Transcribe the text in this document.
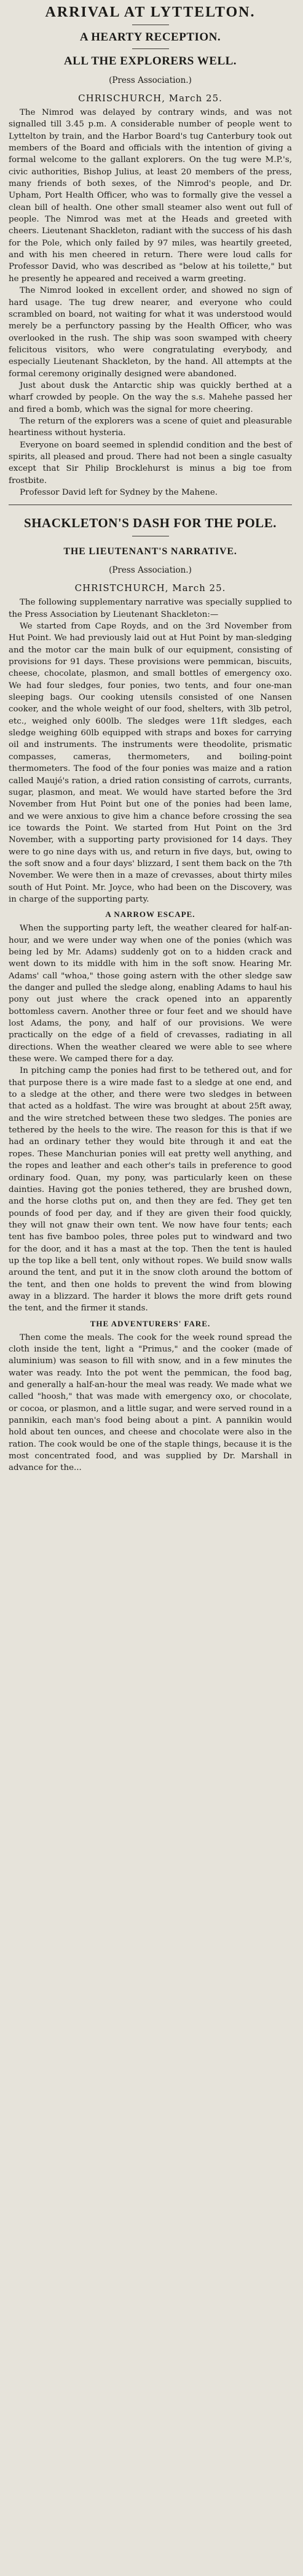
ARRIVAL AT LYTTELTON.
A HEARTY RECEPTION.
ALL THE EXPLORERS WELL.
(Press Association.)
CHRISCHURCH, March 25.

The Nimrod was delayed by contrary winds, and was not signalled till 3.45 p.m. A considerable number of people went to Lyttelton by train, and the Harbor Board's tug Canterbury took out members of the Board and officials with the intention of giving a formal welcome to the gallant explorers. On the tug were M.P.'s, civic authorities, Bishop Julius, at least 20 members of the press, many friends of both sexes, of the Nimrod's people, and Dr. Upham, Port Health Officer, who was to formally give the vessel a clean bill of health. One other small steamer also went out full of people. The Nimrod was met at the Heads and greeted with cheers. Lieutenant Shackleton, radiant with the success of his dash for the Pole, which only failed by 97 miles, was heartily greeted, and with his men cheered in return. There were loud calls for Professor David, who was described as "below at his toilette," but he presently he appeared and received a warm greeting.

The Nimrod looked in excellent order, and showed no sign of hard usage. The tug drew nearer, and everyone who could scrambled on board, not waiting for what it was understood would merely be a perfunctory passing by the Health Officer, who was overlooked in the rush. The ship was soon swamped with cheery felicitous visitors, who were congratulating everybody, and especially Lieutenant Shackleton, by the hand. All attempts at the formal ceremony originally designed were abandoned.

Just about dusk the Antarctic ship was quickly berthed at a wharf crowded by people. On the way the s.s. Mahehe passed her and fired a bomb, which was the signal for more cheering.

The return of the explorers was a scene of quiet and pleasurable heartiness without hysteria.

Everyone on board seemed in splendid condition and the best of spirits, all pleased and proud. There had not been a single casualty except that Sir Philip Brocklehurst is minus a big toe from frostbite.

Professor David left for Sydney by the Mahene.

SHACKLETON'S DASH FOR THE POLE.
THE LIEUTENANT'S NARRATIVE.
(Press Association.)
CHRISTCHURCH, March 25.

The following supplementary narrative was specially supplied to the Press Association by Lieutenant Shackleton:—

We started from Cape Royds, and on the 3rd November from Hut Point. We had previously laid out at Hut Point by man-sledging and the motor car the main bulk of our equipment, consisting of provisions for 91 days. These provisions were pemmican, biscuits, cheese, chocolate, plasmon, and small bottles of emergency oxo. We had four sledges, four ponies, two tents, and four one-man sleeping bags. Our cooking utensils consisted of one Nansen cooker, and the whole weight of our food, shelters, with 3lb petrol, etc., weighed only 600lb. The sledges were 11ft sledges, each sledge weighing 60lb equipped with straps and boxes for carrying oil and instruments. The instruments were theodolite, prismatic compasses, cameras, thermometers, and boiling-point thermometers. The food of the four ponies was maize and a ration called Maujé's ration, a dried ration consisting of carrots, currants, sugar, plasmon, and meat. We would have started before the 3rd November from Hut Point but one of the ponies had been lame, and we were anxious to give him a chance before crossing the sea ice towards the Point. We started from Hut Point on the 3rd November, with a supporting party provisioned for 14 days. They were to go nine days with us, and return in five days, but, owing to the soft snow and a four days' blizzard, I sent them back on the 7th November. We were then in a maze of crevasses, about thirty miles south of Hut Point. Mr. Joyce, who had been on the Discovery, was in charge of the supporting party.

A NARROW ESCAPE.

When the supporting party left, the weather cleared for half-an-hour, and we were under way when one of the ponies (which was being led by Mr. Adams) suddenly got on to a hidden crack and went down to its middle with him in the soft snow. Hearing Mr. Adams' call "whoa," those going astern with the other sledge saw the danger and pulled the sledge along, enabling Adams to haul his pony out just where the crack opened into an apparently bottomless cavern. Another three or four feet and we should have lost Adams, the pony, and half of our provisions. We were practically on the edge of a field of crevasses, radiating in all directions. When the weather cleared we were able to see where these were. We camped there for a day.

In pitching camp the ponies had first to be tethered out, and for that purpose there is a wire made fast to a sledge at one end, and to a sledge at the other, and there were two sledges in between that acted as a holdfast. The wire was brought at about 25ft away, and the wire stretched between these two sledges. The ponies are tethered by the heels to the wire. The reason for this is that if we had an ordinary tether they would bite through it and eat the ropes. These Manchurian ponies will eat pretty well anything, and the ropes and leather and each other's tails in preference to good ordinary food. Quan, my pony, was particularly keen on these dainties. Having got the ponies tethered, they are brushed down, and the horse cloths put on, and then they are fed. They get ten pounds of food per day, and if they are given their food quickly, they will not gnaw their own tent. We now have four tents; each tent has five bamboo poles, three poles put to windward and two for the door, and it has a mast at the top. Then the tent is hauled up the top like a bell tent, only without ropes. We build snow walls around the tent, and put it in the snow cloth around the bottom of the tent, and then one holds to prevent the wind from blowing away in a blizzard. The harder it blows the more drift gets round the tent, and the firmer it stands.

THE ADVENTURERS' FARE.

Then come the meals. The cook for the week round spread the cloth inside the tent, light a "Primus," and the cooker (made of aluminium) was season to fill with snow, and in a few minutes the water was ready. Into the pot went the pemmican, the food bag, and generally a half-an-hour the meal was ready. We made what we called "hoosh," that was made with emergency oxo, or chocolate, or cocoa, or plasmon, and a little sugar, and were served round in a pannikin, each man's food being about a pint. A pannikin would hold about ten ounces, and cheese and chocolate were also in the ration. The cook would be one of the staple things, because it is the most concentrated food, and was supplied by Dr. Marshall in advance for the...
